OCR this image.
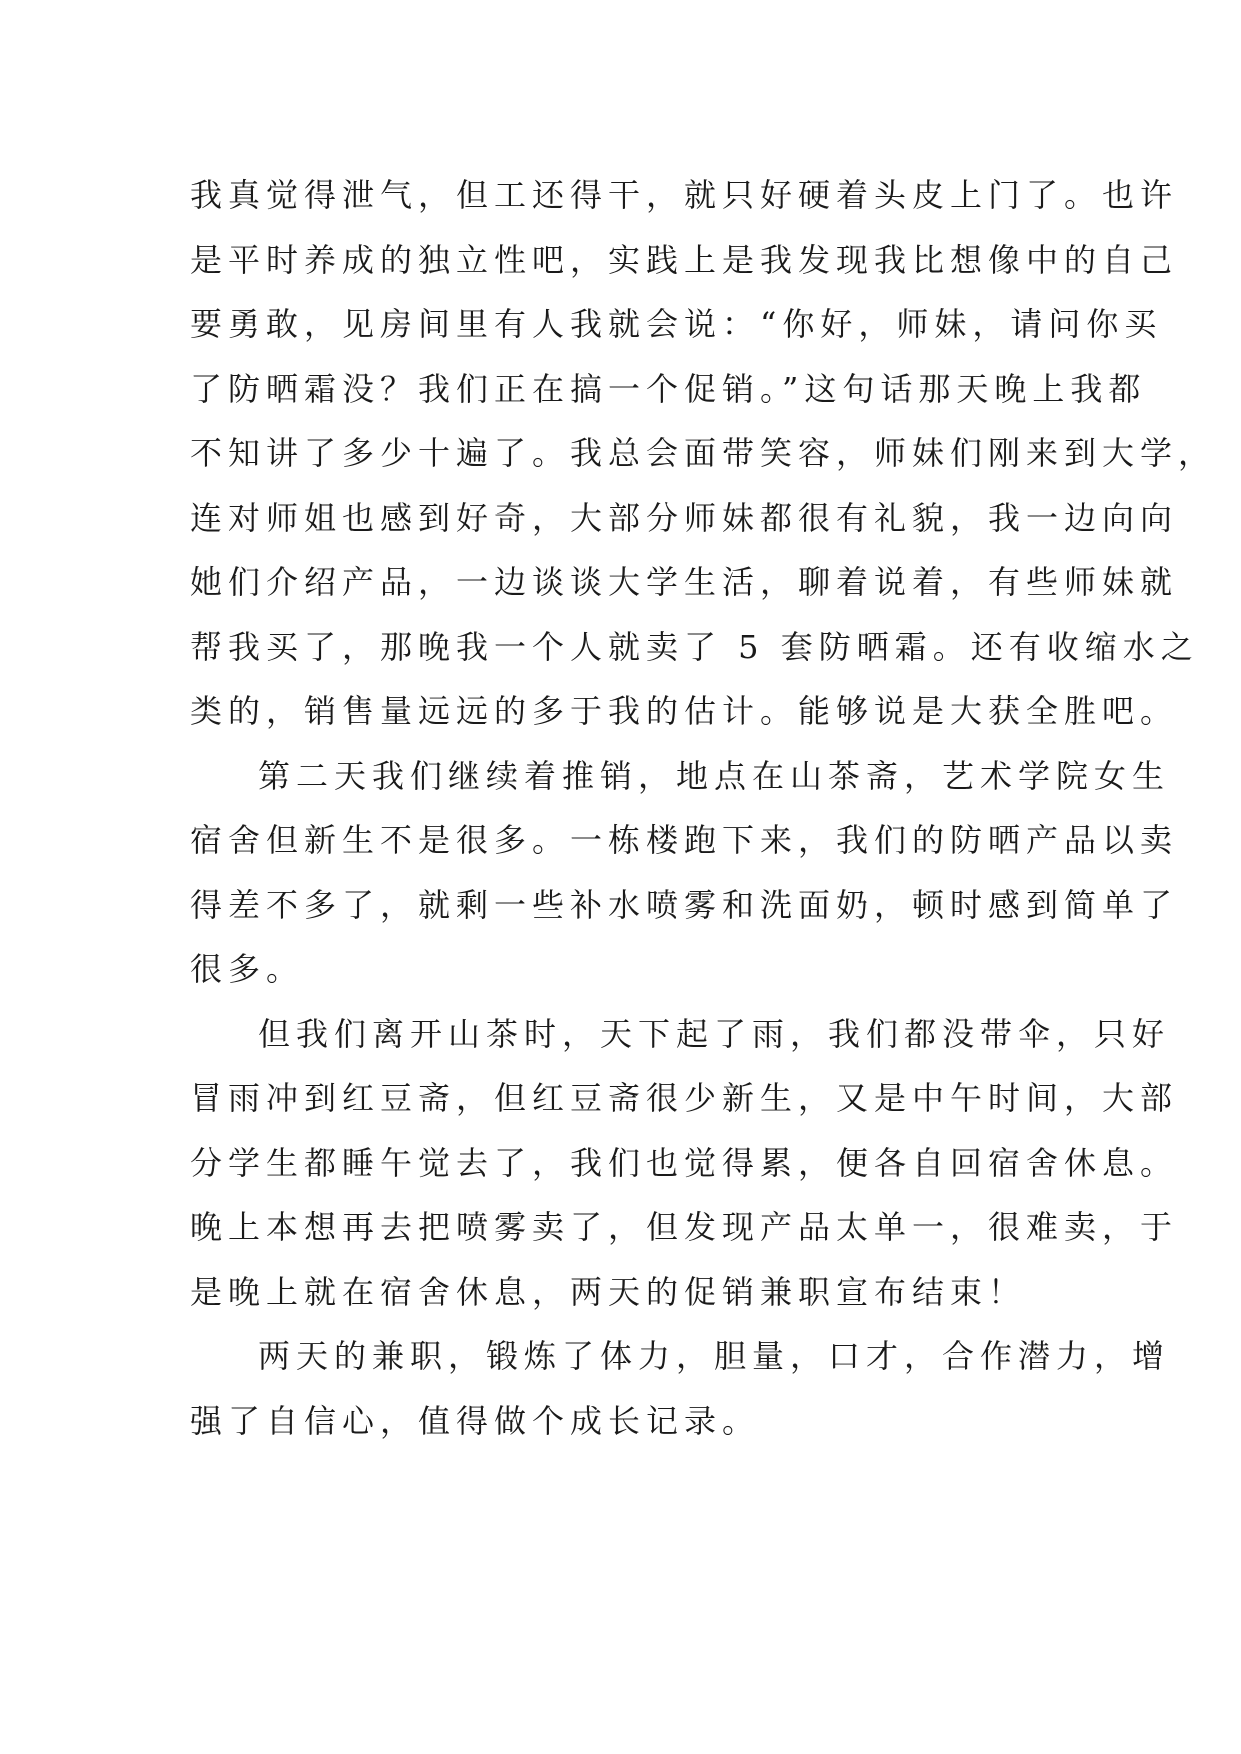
我真觉得泄气，但工还得干，就只好硬着头皮上门了。也许
是平时养成的独立性吧，实践上是我发现我比想像中的自己
要勇敢，见房间里有人我就会说：“你好，师妹，请问你买
了防晒霜没？我们正在搞一个促销。”这句话那天晚上我都
不知讲了多少十遍了。我总会面带笑容，师妹们刚来到大学，
连对师姐也感到好奇，大部分师妹都很有礼貌，我一边向向
她们介绍产品，一边谈谈大学生活，聊着说着，有些师妹就
帮我买了，那晚我一个人就卖了 5 套防晒霜。还有收缩水之
类的，销售量远远的多于我的估计。能够说是大获全胜吧。
第二天我们继续着推销，地点在山茶斋，艺术学院女生
宿舍但新生不是很多。一栋楼跑下来，我们的防晒产品以卖
得差不多了，就剩一些补水喷雾和洗面奶，顿时感到简单了
很多。
但我们离开山茶时，天下起了雨，我们都没带伞，只好
冒雨冲到红豆斋，但红豆斋很少新生，又是中午时间，大部
分学生都睡午觉去了，我们也觉得累，便各自回宿舍休息。
晚上本想再去把喷雾卖了，但发现产品太单一，很难卖，于
是晚上就在宿舍休息，两天的促销兼职宣布结束！
两天的兼职，锻炼了体力，胆量，口才，合作潜力，增
强了自信心，值得做个成长记录。
